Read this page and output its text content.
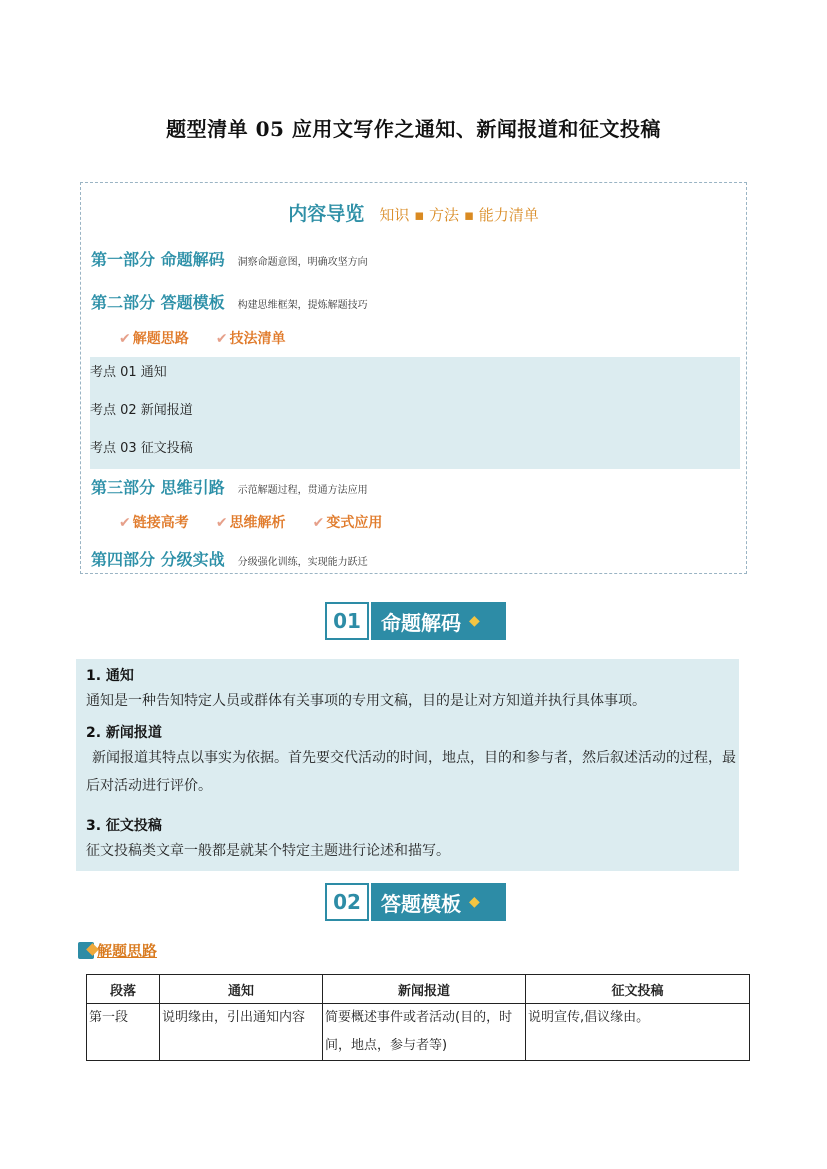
题型清单 05 应用文写作之通知、新闻报道和征文投稿
内容导览 知识 ▪ 方法 ▪ 能力清单
第一部分 命题解码 洞察命题意图，明确攻坚方向
第二部分 答题模板 构建思维框架，提炼解题技巧
✔ 解题思路 ✔ 技法清单
考点 01 通知
考点 02 新闻报道
考点 03 征文投稿
第三部分 思维引路 示范解题过程，贯通方法应用
✔ 链接高考 ✔ 思维解析 ✔ 变式应用
第四部分 分级实战 分级强化训练，实现能力跃迁
01	命题解码 ◆
1. 通知
通知是一种告知特定人员或群体有关事项的专用文稿，目的是让对方知道并执行具体事项。
2. 新闻报道
新闻报道其特点以事实为依据。首先要交代活动的时间，地点，目的和参与者，然后叙述活动的过程，最后对活动进行评价。
3. 征文投稿
征文投稿类文章一般都是就某个特定主题进行论述和描写。
02	答题模板 ◆
解题思路
段落	通知	新闻报道	征文投稿
第一段	说明缘由，引出通知内容	简要概述事件或者活动(目的，时间，地点，参与者等)	说明宣传,倡议缘由。
